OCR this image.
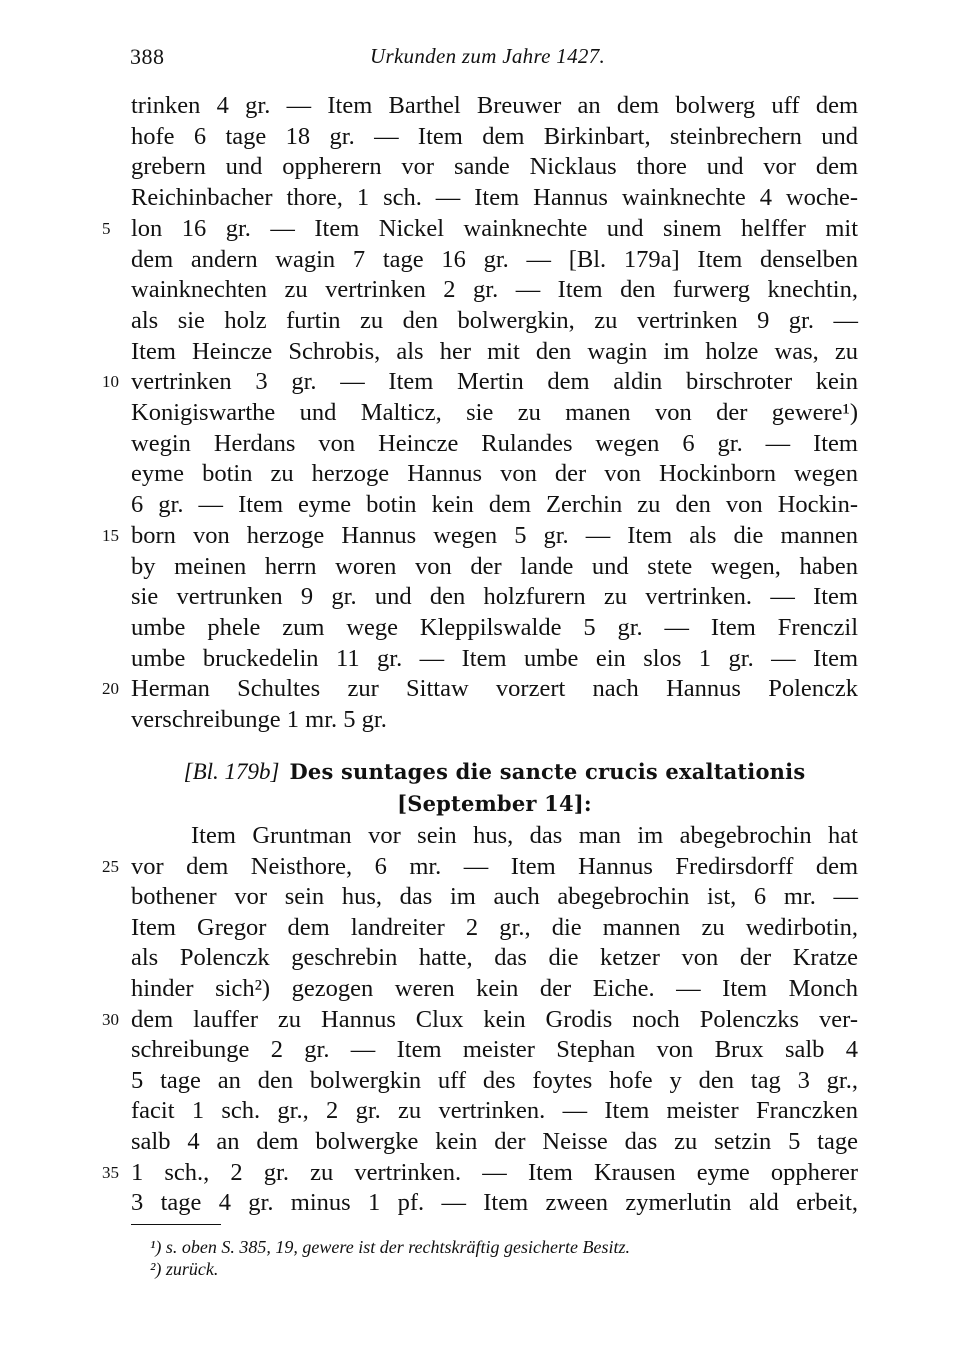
388	Urkunden zum Jahre 1427.
trinken 4 gr. — Item Barthel Breuwer an dem bolwerg uff dem
hofe 6 tage 18 gr. — Item dem Birkinbart, steinbrechern und
grebern und oppherern vor sande Nicklaus thore und vor dem
Reichinbacher thore, 1 sch. — Item Hannus wainknechte 4 woche-
lon 16 gr. — Item Nickel wainknechte und sinem helffer mit
5
dem andern wagin 7 tage 16 gr. — [Bl. 179a] Item denselben
wainknechten zu vertrinken 2 gr. — Item den furwerg knechtin,
als sie holz furtin zu den bolwergkin, zu vertrinken 9 gr. —
Item Heincze Schrobis, als her mit den wagin im holze was, zu
vertrinken 3 gr. — Item Mertin dem aldin birschroter kein
10
Konigiswarthe und Malticz, sie zu manen von der gewere¹)
wegin Herdans von Heincze Rulandes wegen 6 gr. — Item
eyme botin zu herzoge Hannus von der von Hockinborn wegen
6 gr. — Item eyme botin kein dem Zerchin zu den von Hockin-
born von herzoge Hannus wegen 5 gr. — Item als die mannen
15
by meinen herrn woren von der lande und stete wegen, haben
sie vertrunken 9 gr. und den holzfurern zu vertrinken. — Item
umbe phele zum wege Kleppilswalde 5 gr. — Item Frenczil
umbe bruckedelin 11 gr. — Item umbe ein slos 1 gr. — Item
Herman Schultes zur Sittaw vorzert nach Hannus Polenczk
20
verschreibunge 1 mr. 5 gr.
[Bl. 179b] Des suntages die sancte crucis exaltationis
[September 14]:
Item Gruntman vor sein hus, das man im abegebrochin hat
vor dem Neisthore, 6 mr. — Item Hannus Fredirsdorff dem
25
bothener vor sein hus, das im auch abegebrochin ist, 6 mr. —
Item Gregor dem landreiter 2 gr., die mannen zu wedirbotin,
als Polenczk geschrebin hatte, das die ketzer von der Kratze
hinder sich²) gezogen weren kein der Eiche. — Item Monch
dem lauffer zu Hannus Clux kein Grodis noch Polenczks ver-
30
schreibunge 2 gr. — Item meister Stephan von Brux salb 4
5 tage an den bolwergkin uff des foytes hofe y den tag 3 gr.,
facit 1 sch. gr., 2 gr. zu vertrinken. — Item meister Franczken
salb 4 an dem bolwergke kein der Neisse das zu setzin 5 tage
1 sch., 2 gr. zu vertrinken. — Item Krausen eyme oppherer
35
3 tage 4 gr. minus 1 pf. — Item zween zymerlutin ald erbeit,
¹) s. oben S. 385, 19, gewere ist der rechtskräftig gesicherte Besitz.
²) zurück.
